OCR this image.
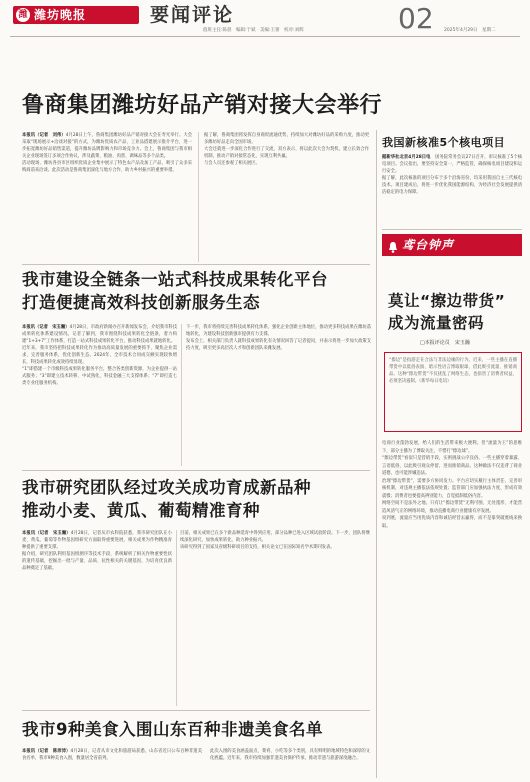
潍 潍坊晚报	要闻评论
值班主任:陈晨　编辑:于斌　美编:王蕾　校对:刘辉	02 2025年4月29日　星期二
鲁商集团潍坊好品产销对接大会举行
本报讯（记者　刘伟）4月28日上午，鲁商集团潍坊好品产销对接大会在寿光举行。大会采取“现场展示+洽谈对接”的方式，为潍坊优质农产品、工业品搭建展示推介平台，进一步拓宽潍坊好品销售渠道，提升潍坊品牌影响力和市场竞争力。会上，鲁商集团与我市相关企业现场签订多项合作协议，涉及蔬菜、粮油、肉蛋、调味品等多个品类。
活动现场，潍坊各县市区组织优质企业集中展示了特色农产品及加工产品，吸引了众多采购商前来洽谈。此次活动是鲁商集团深化与地方合作、助力乡村振兴的重要举措。
据了解，鲁商集团将发挥自身商贸流通优势，持续加大对潍坊好品的采购力度，推动更多潍坊好品走向全国市场。
大会还就进一步深化合作进行了交流，双方表示，将以此次大会为契机，建立长效合作机制，推动产销对接常态化，实现互利共赢。
与会人员还参观了相关展区。
我市建设全链条一站式科技成果转化平台
打造便捷高效科技创新服务生态
本报讯（记者　宋玉瀚）4月28日，市政府新闻办召开新闻发布会，介绍我市科技成果转化体系建设情况。记者了解到，我市围绕科技成果转化全链条，着力构建“1+3+7”工作体系，打造一站式科技成果转化平台，推动科技成果就地转化。
近年来，我市坚持把科技成果转化作为推动高质量发展的重要抓手，聚焦企业需求，完善服务体系，优化创新生态。2024年，全市技术合同成交额实现较快增长，科技成果转化成效持续显现。
“1”即搭建一个市级科技成果转化服务平台，整合各类创新资源，为企业提供一站式服务；“3”即建立技术转移、中试熟化、科技金融三大支撑体系；“7”即打造七类专业化服务机构。
下一步，我市将持续完善科技成果转化体系，强化企业创新主体地位，推动更多科技成果在潍坊落地转化，为建设科技创新强市提供有力支撑。
发布会上，相关部门负责人就科技成果转化有关情况回答了记者提问，并表示将进一步加大政策支持力度，吸引更多高层次人才和创新团队来潍发展。
我市研究团队经过攻关成功育成新品种
推动小麦、黄瓜、葡萄精准育种
本报讯（记者　宋玉瀚）4月28日，记者从市农科院获悉，我市研究团队在小麦、黄瓜、葡萄等作物基因组研究方面取得重要进展，相关成果为作物精准育种提供了重要支撑。
据介绍，研究团队利用基因组测序等技术手段，系统解析了相关作物重要性状的遗传基础，挖掘出一批与产量、品质、抗性相关的关键基因，为培育优良新品种奠定了基础。
目前，相关成果已在多个新品种选育中得到应用，部分品种已进入区域试验阶段。下一步，团队将继续深化研究，加快成果转化，助力种业振兴。
该研究得到了国家及省级科研项目的支持，相关论文已在国际知名学术期刊发表。
我市9种美食入围山东百种非遗美食名单
本报讯（记者　陈沛沛）4月28日，记者从市文化和旅游局获悉，山东省近日公布百种非遗美食名单，我市9种美食入围，数量居全省前列。
此次入围的美食涵盖面点、菜肴、小吃等多个类别，具有鲜明的地域特色和深厚的文化底蕴。近年来，我市持续加强非遗美食保护传承，推动非遗与旅游深度融合。
我国新核准5个核电项目
据新华社北京4月28日电　 国务院常务会议27日召开，审议核准了5个核电项目。会议指出，要坚持安全第一，严格监管，确保核电项目建设和运行安全。
据了解，此次核准的项目分布于多个沿海省份，均采用我国自主三代核电技术。项目建成后，将进一步优化我国能源结构，为经济社会发展提供清洁稳定的电力保障。
鸢台钟声
莫让“擦边带货”
成为流量密码
□本报评论员　宋玉瀚
“擦边”是指游走在合法与非法边缘的行为。近来，一些主播在直播带货中以低俗表演、暗示性语言博取眼球，借此吸引流量、推销商品。这种“擦边带货”不仅扰乱了网络生态，也损害了消费者权益，必须坚决遏制。（新华每日电讯）
电商行业蓬勃发展，给人们的生活带来极大便利。但“流量为王”的思维下，部分主播为了博取关注，不惜打“擦边球”。
“擦边带货”看似只是营销手段，实则挑战公序良俗。一些主播穿着暴露、言语低俗，以此吸引观众停留，进而推销商品。这种做法不仅违背了商业道德，也可能涉嫌违法。
治理“擦边带货”，需要多方协同发力。平台应切实履行主体责任，完善审核机制，对违规主播依法依规处置；监管部门应加强执法力度，形成有效震慑；消费者也要提高辨别能力，自觉抵制低俗内容。
网络空间不是法外之地。只有让“擦边带货”无利可图、无处遁形，才能营造风清气正的网络环境，推动直播电商行业健康有序发展。
说到底，流量应当用优质内容和诚信经营去赢得，而不是靠突破底线来换取。
